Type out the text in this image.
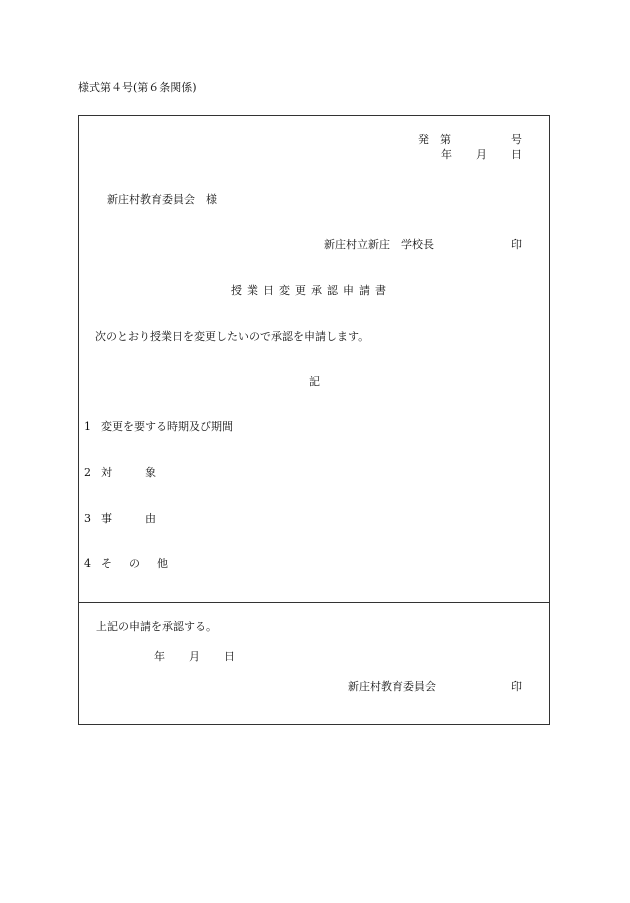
様式第４号(第６条関係)
発　第	号
年 月 日
新庄村教育委員会　様
新庄村立新庄　学校長	印
授業日変更承認申請書
次のとおり授業日を変更したいので承認を申請します。
記
1 変更を要する時期及び期間
2 対　　　象
3 事　　　由
4 そ　の　他
上記の申請を承認する。
年 月 日
新庄村教育委員会	印
